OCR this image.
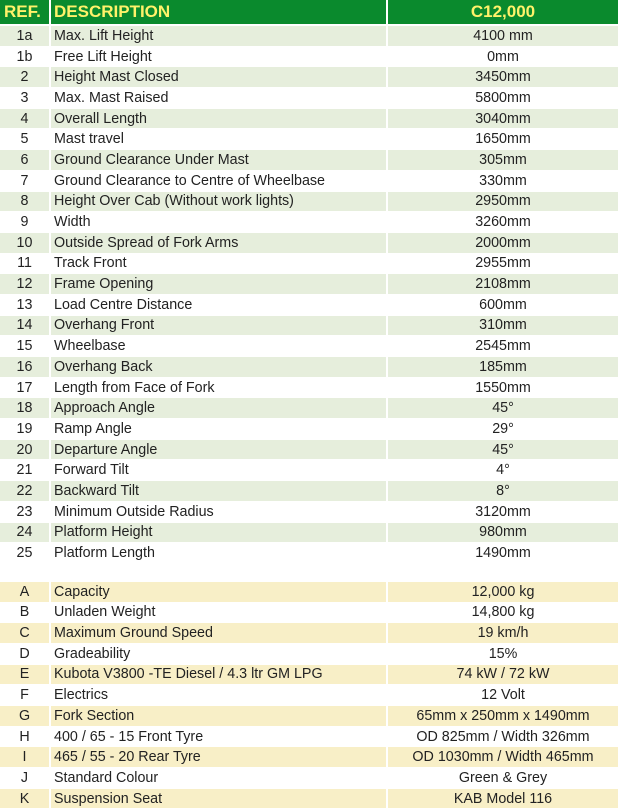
REF.	DESCRIPTION	C12,000
1a	Max. Lift Height	4100 mm
1b	Free Lift Height	0mm
2	Height Mast Closed	3450mm
3	Max. Mast Raised	5800mm
4	Overall Length	3040mm
5	Mast travel	1650mm
6	Ground Clearance Under Mast	305mm
7	Ground Clearance to Centre of Wheelbase	330mm
8	Height Over Cab (Without work lights)	2950mm
9	Width	3260mm
10	Outside Spread of Fork Arms	2000mm
11	Track Front	2955mm
12	Frame Opening	2108mm
13	Load Centre Distance	600mm
14	Overhang Front	310mm
15	Wheelbase	2545mm
16	Overhang Back	185mm
17	Length from Face of Fork	1550mm
18	Approach Angle	45°
19	Ramp Angle	29°
20	Departure Angle	45°
21	Forward Tilt	4°
22	Backward Tilt	8°
23	Minimum Outside Radius	3120mm
24	Platform Height	980mm
25	Platform Length	1490mm

A	Capacity	12,000 kg
B	Unladen Weight	14,800 kg
C	Maximum Ground Speed	19 km/h
D	Gradeability	15%
E	Kubota V3800 -TE Diesel / 4.3 ltr GM LPG	74 kW / 72 kW
F	Electrics	12 Volt
G	Fork Section	65mm x 250mm x 1490mm
H	400 / 65 - 15 Front Tyre	OD 825mm / Width 326mm
I	465 / 55 - 20 Rear Tyre	OD 1030mm / Width 465mm
J	Standard Colour	Green & Grey
K	Suspension Seat	KAB Model 116
